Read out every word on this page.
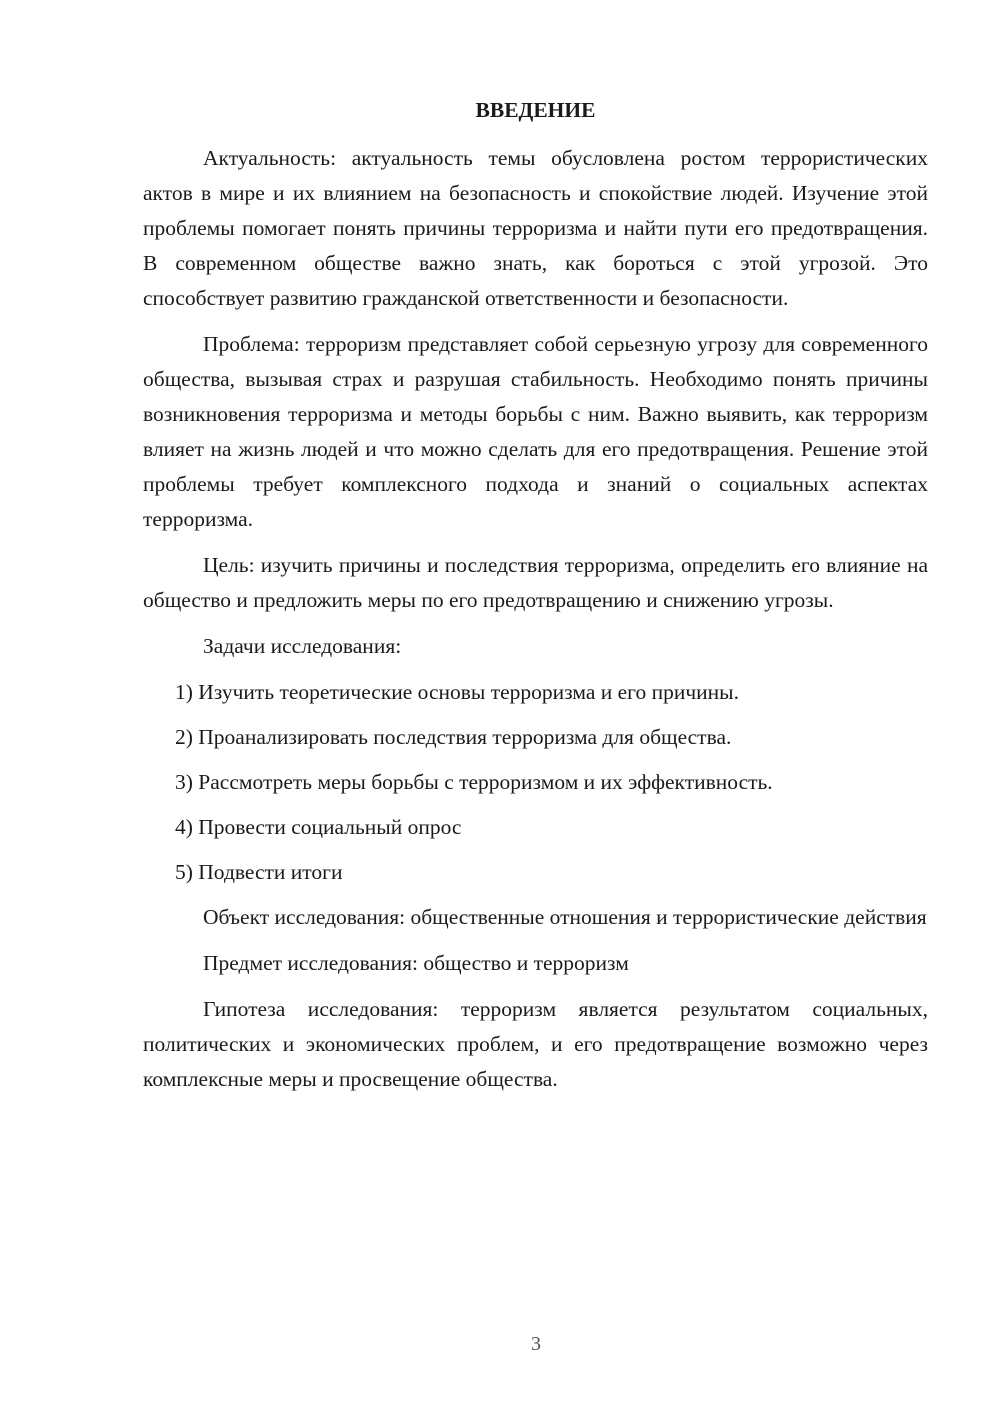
ВВЕДЕНИЕ

Актуальность: актуальность темы обусловлена ростом террористических актов в мире и их влиянием на безопасность и спокойствие людей. Изучение этой проблемы помогает понять причины терроризма и найти пути его предотвращения. В современном обществе важно знать, как бороться с этой угрозой. Это способствует развитию гражданской ответственности и безопасности.

Проблема: терроризм представляет собой серьезную угрозу для современного общества, вызывая страх и разрушая стабильность. Необходимо понять причины возникновения терроризма и методы борьбы с ним. Важно выявить, как терроризм влияет на жизнь людей и что можно сделать для его предотвращения. Решение этой проблемы требует комплексного подхода и знаний о социальных аспектах терроризма.

Цель: изучить причины и последствия терроризма, определить его влияние на общество и предложить меры по его предотвращению и снижению угрозы.

Задачи исследования:

1) Изучить теоретические основы терроризма и его причины.

2) Проанализировать последствия терроризма для общества.

3) Рассмотреть меры борьбы с терроризмом и их эффективность.

4) Провести социальный опрос

5) Подвести итоги

Объект исследования: общественные отношения и террористические действия

Предмет исследования: общество и терроризм

Гипотеза исследования: терроризм является результатом социальных, политических и экономических проблем, и его предотвращение возможно через комплексные меры и просвещение общества.

3
